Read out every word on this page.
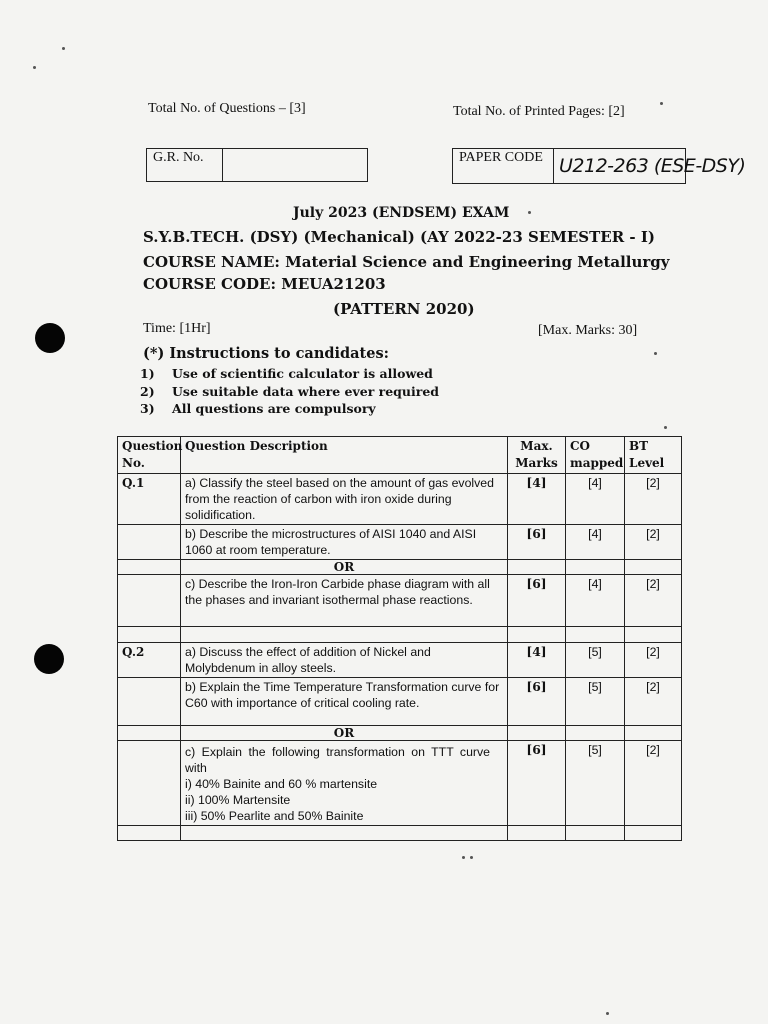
Total No. of Questions – [3]	Total No. of Printed Pages: [2]
G.R. No.	PAPER CODE U212-263 (ESE-DSY)
July 2023 (ENDSEM) EXAM
S.Y.B.TECH. (DSY) (Mechanical) (AY 2022-23 SEMESTER - I)
COURSE NAME: Material Science and Engineering Metallurgy
COURSE CODE: MEUA21203
(PATTERN 2020)
Time: [1Hr]	[Max. Marks: 30]
(*) Instructions to candidates:
1) Use of scientific calculator is allowed
2) Use suitable data where ever required
3) All questions are compulsory
Question No.	Question Description	Max. Marks	CO mapped	BT Level
Q.1	a) Classify the steel based on the amount of gas evolved from the reaction of carbon with iron oxide during solidification.	[4]	[4]	[2]
	b) Describe the microstructures of AISI 1040 and AISI 1060 at room temperature.	[6]	[4]	[2]
	OR			
	c) Describe the Iron-Iron Carbide phase diagram with all the phases and invariant isothermal phase reactions.	[6]	[4]	[2]

Q.2	a) Discuss the effect of addition of Nickel and Molybdenum in alloy steels.	[4]	[5]	[2]
	b) Explain the Time Temperature Transformation curve for C60 with importance of critical cooling rate.	[6]	[5]	[2]
	OR			

	c) Explain the following transformation on TTT curve with
i) 40% Bainite and 60 % martensite
ii) 100% Martensite
iii) 50% Pearlite and 50% Bainite	[6]	[5]	[2]
